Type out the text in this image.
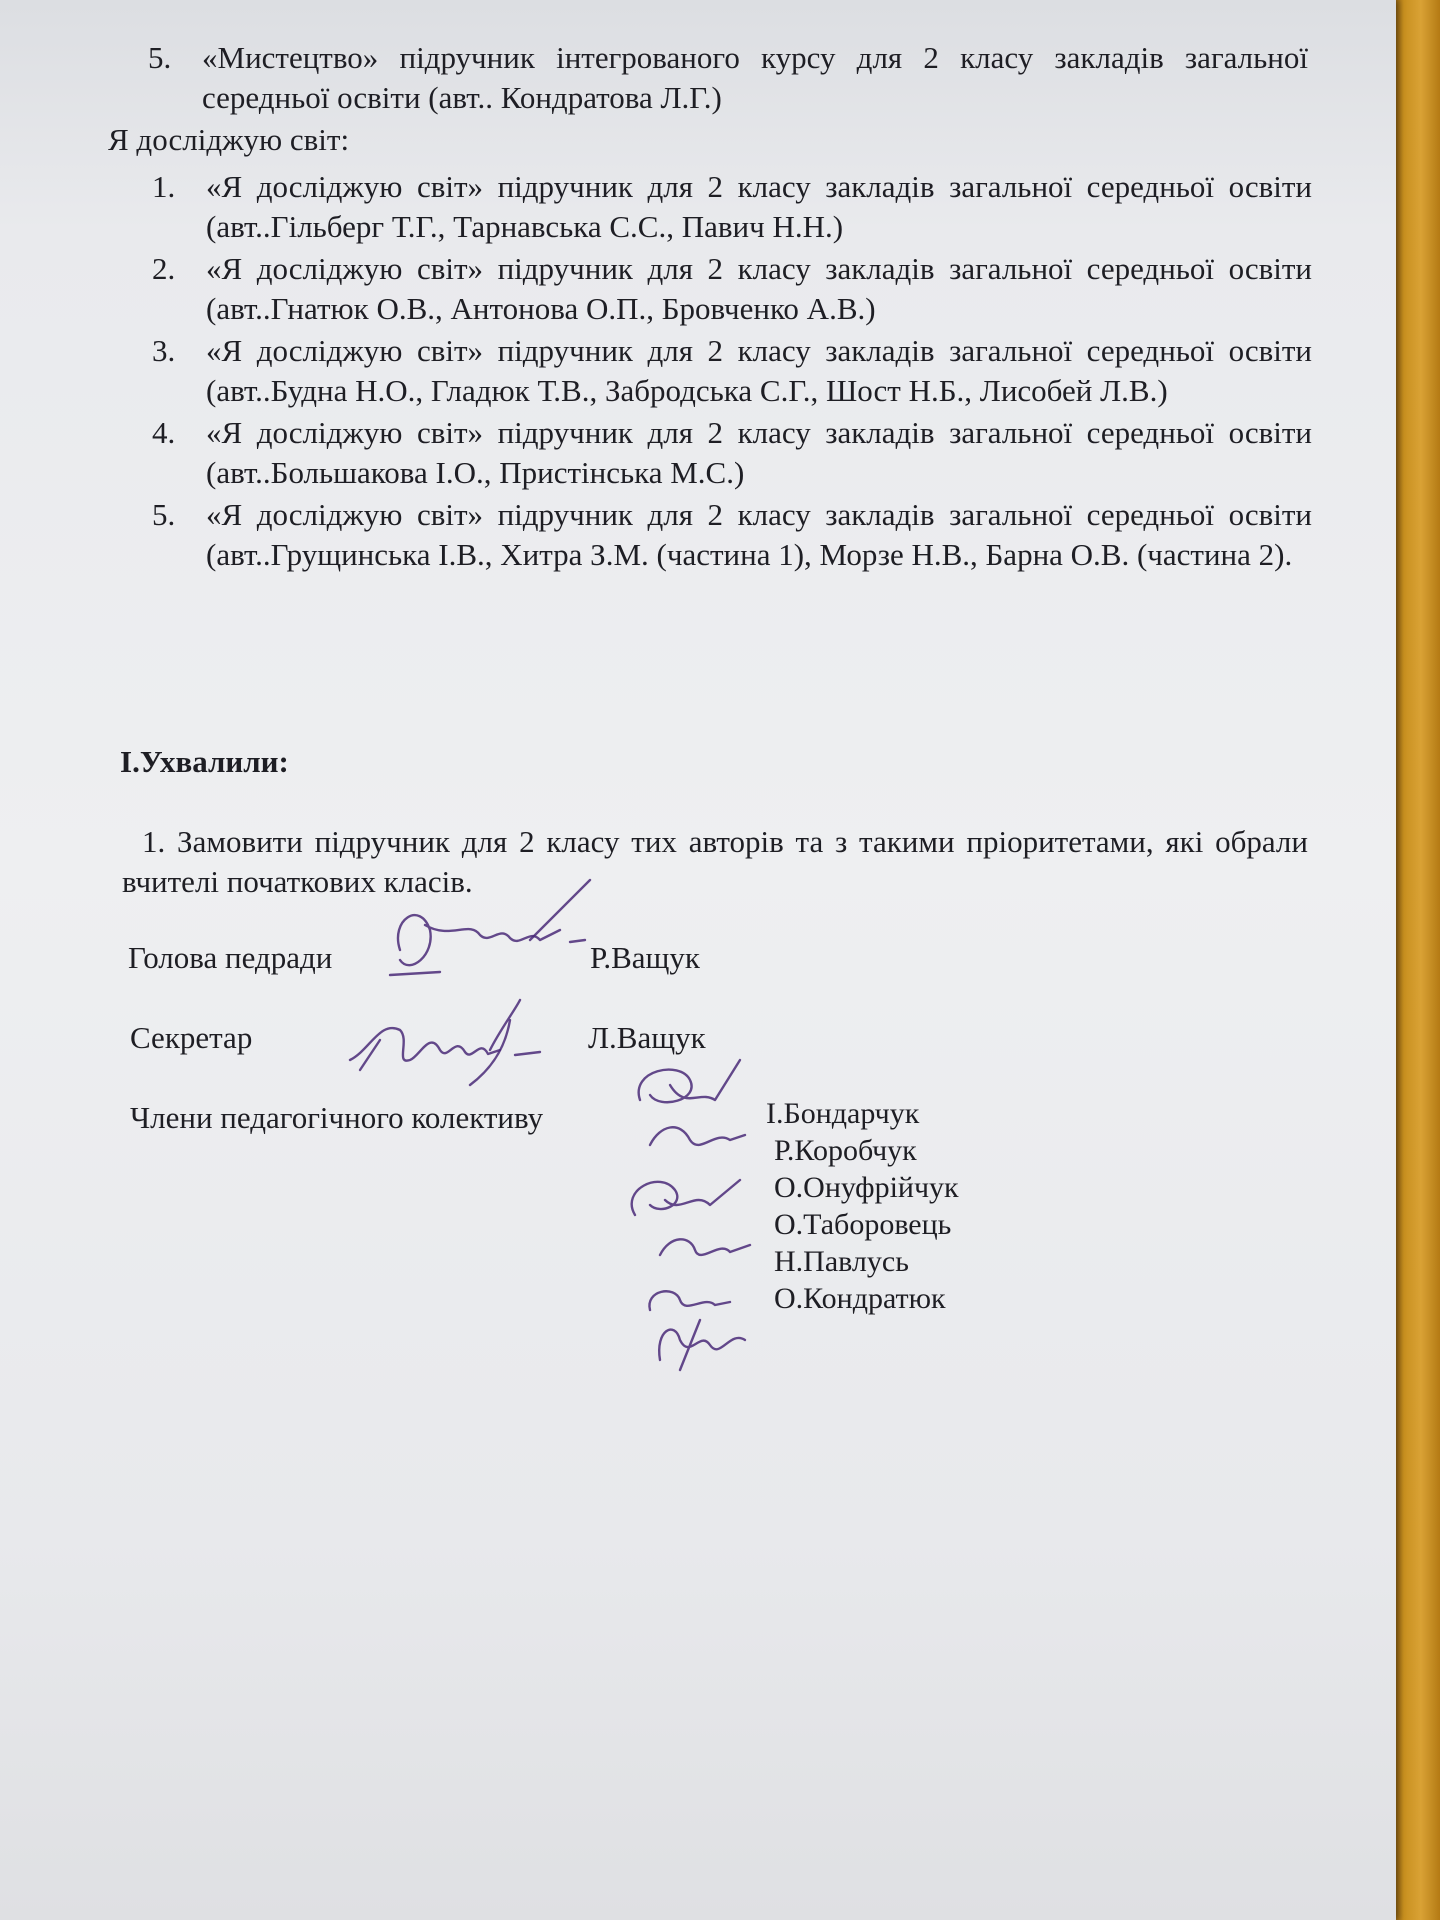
5. «Мистецтво» підручник інтегрованого курсу для 2 класу закладів загальної середньої освіти (авт.. Кондратова Л.Г.)
Я досліджую світ:
1. «Я досліджую світ» підручник для 2 класу закладів загальної середньої освіти (авт..Гільберг Т.Г., Тарнавська С.С., Павич Н.Н.)
2. «Я досліджую світ» підручник для 2 класу закладів загальної середньої освіти (авт..Гнатюк О.В., Антонова О.П., Бровченко А.В.)
3. «Я досліджую світ» підручник для 2 класу закладів загальної середньої освіти (авт..Будна Н.О., Гладюк Т.В., Забродська С.Г., Шост Н.Б., Лисобей Л.В.)
4. «Я досліджую світ» підручник для 2 класу закладів загальної середньої освіти (авт..Большакова І.О., Пристінська М.С.)
5. «Я досліджую світ» підручник для 2 класу закладів загальної середньої освіти (авт..Грущинська І.В., Хитра З.М. (частина 1), Морзе Н.В., Барна О.В. (частина 2).
I.Ухвалили:
1. Замовити підручник для 2 класу тих авторів та з такими пріоритетами, які обрали вчителі початкових класів.
Голова педради	Р.Ващук
Секретар	Л.Ващук
Члени педагогічного колективу	І.Бондарчук
Р.Коробчук
О.Онуфрійчук
О.Таборовець
Н.Павлусь
О.Кондратюк
